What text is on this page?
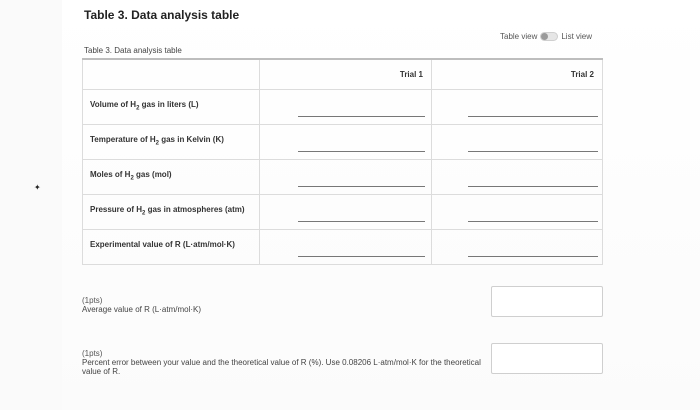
✦
Table 3. Data analysis table
Table view	List view
Table 3. Data analysis table
	Trial 1	Trial 2
Volume of $H_2$ gas in liters (L)	

Temperature of $H_2$ gas in Kelvin (K)	

Moles of $H_2$ gas (mol)	

Pressure of $H_2$ gas in atmospheres (atm)	

Experimental value of R (L·atm/mol·K)	

(1pts)
Average value of R (L·atm/mol·K)
(1pts)
Percent error between your value and the theoretical value of R (%). Use 0.08206 L·atm/mol·K for the theoretical value of R.
